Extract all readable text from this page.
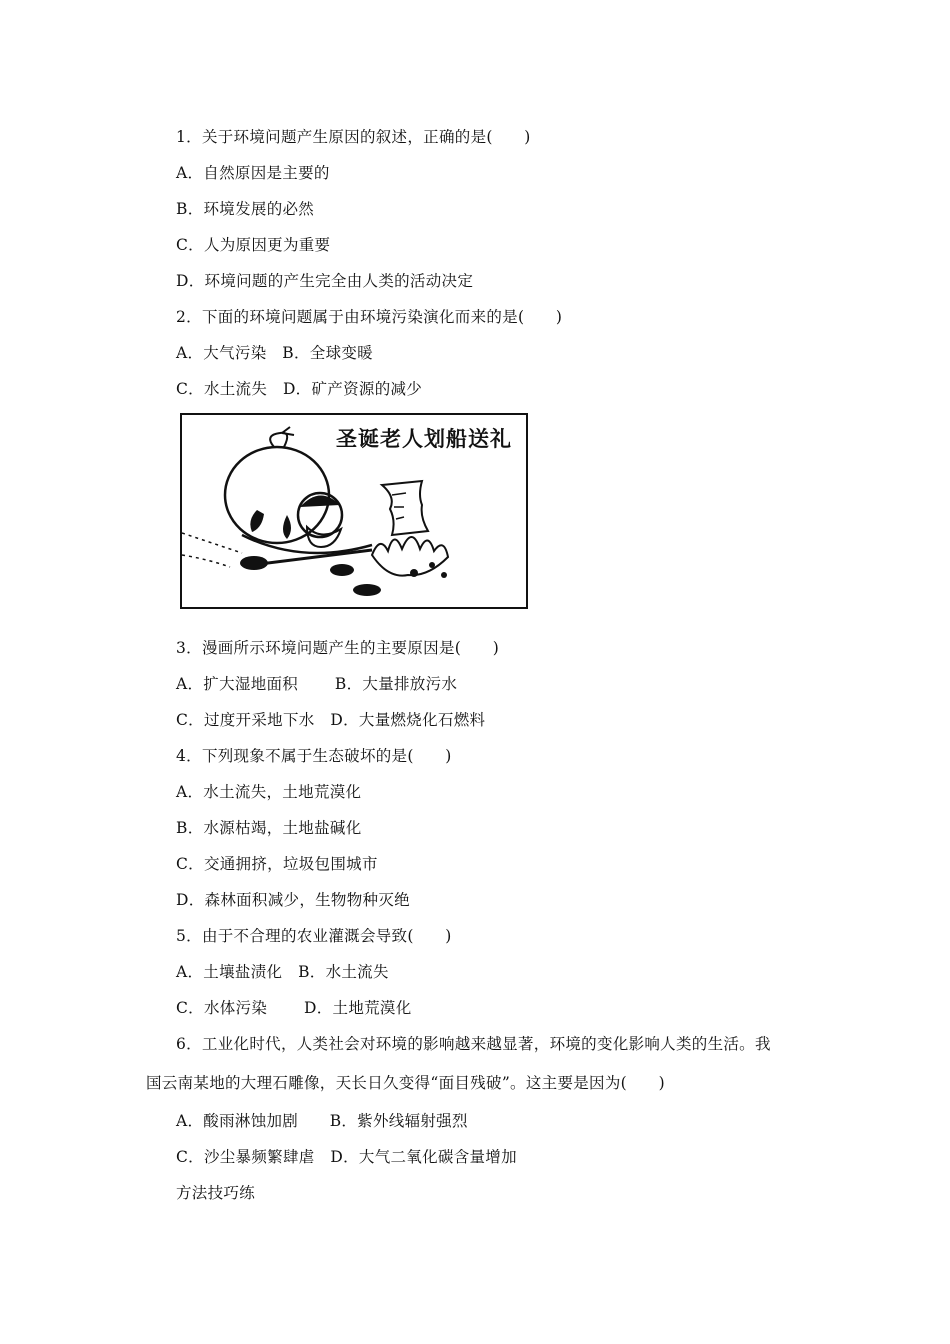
1．关于环境问题产生原因的叙述，正确的是(　　)
A．自然原因是主要的
B．环境发展的必然
C．人为原因更为重要
D．环境问题的产生完全由人类的活动决定
2．下面的环境问题属于由环境污染演化而来的是(　　)
A．大气污染　B．全球变暖
C．水土流失　D．矿产资源的减少
圣诞老人划船送礼
3．漫画所示环境问题产生的主要原因是(　　)
A．扩大湿地面积　　 B．大量排放污水
C．过度开采地下水　D．大量燃烧化石燃料
4．下列现象不属于生态破坏的是(　　)
A．水土流失，土地荒漠化
B．水源枯竭，土地盐碱化
C．交通拥挤，垃圾包围城市
D．森林面积减少，生物物种灭绝
5．由于不合理的农业灌溉会导致(　　)
A．土壤盐渍化　B．水土流失
C．水体污染　　 D．土地荒漠化
6．工业化时代，人类社会对环境的影响越来越显著，环境的变化影响人类的生活。我
国云南某地的大理石雕像，天长日久变得“面目残破”。这主要是因为(　　)
A．酸雨淋蚀加剧　　B．紫外线辐射强烈
C．沙尘暴频繁肆虐　D．大气二氧化碳含量增加
方法技巧练
